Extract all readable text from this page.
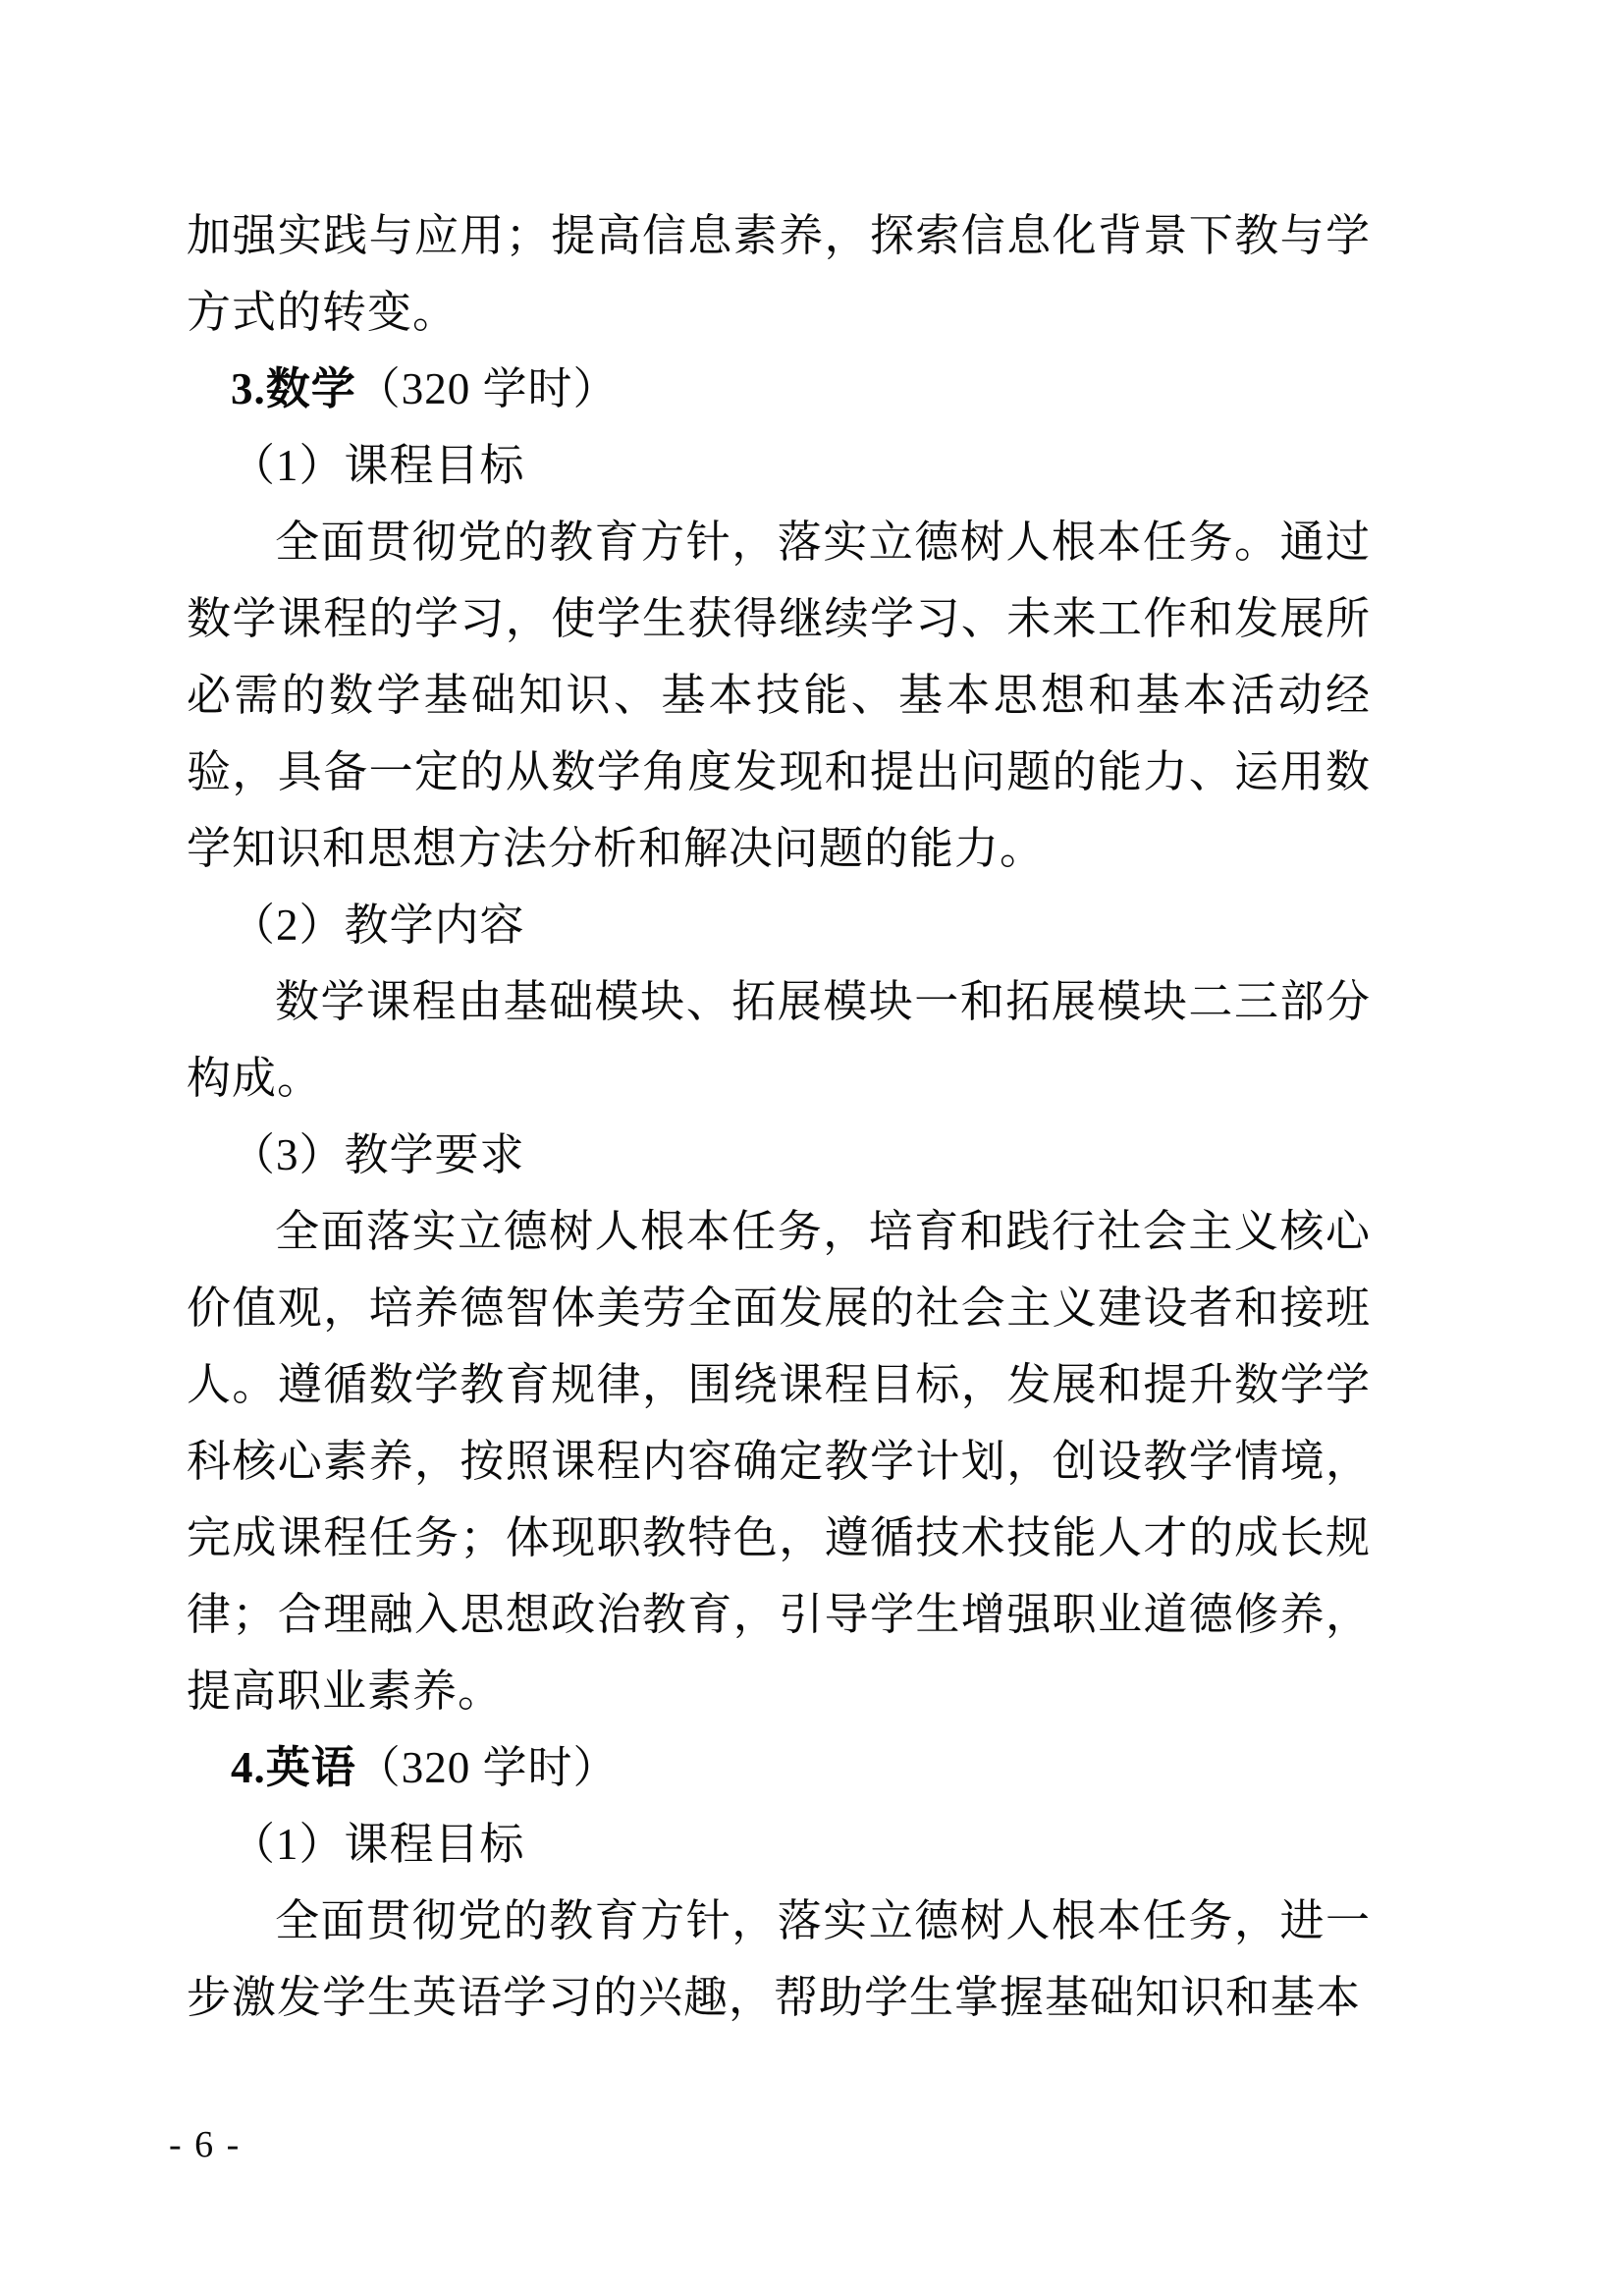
加强实践与应用；提高信息素养，探索信息化背景下教与学方式的转变。

3.数学（320 学时）

（1）课程目标

全面贯彻党的教育方针，落实立德树人根本任务。通过数学课程的学习，使学生获得继续学习、未来工作和发展所必需的数学基础知识、基本技能、基本思想和基本活动经验，具备一定的从数学角度发现和提出问题的能力、运用数学知识和思想方法分析和解决问题的能力。

（2）教学内容

数学课程由基础模块、拓展模块一和拓展模块二三部分构成。

（3）教学要求

全面落实立德树人根本任务，培育和践行社会主义核心价值观，培养德智体美劳全面发展的社会主义建设者和接班人。遵循数学教育规律，围绕课程目标，发展和提升数学学科核心素养，按照课程内容确定教学计划，创设教学情境，完成课程任务；体现职教特色，遵循技术技能人才的成长规律；合理融入思想政治教育，引导学生增强职业道德修养，提高职业素养。

4.英语（320 学时）

（1）课程目标

全面贯彻党的教育方针，落实立德树人根本任务，进一步激发学生英语学习的兴趣，帮助学生掌握基础知识和基本

- 6 -
